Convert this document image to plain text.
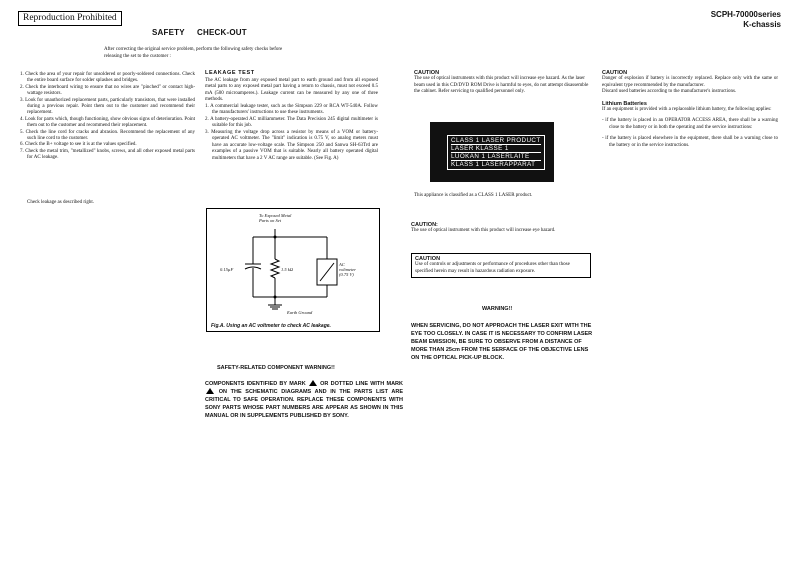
Reproduction Prohibited	SCPH-70000series
K-chassis
SAFETY CHECK-OUT
After correcting the original service problem, perform the following safety checks before releasing the set to the customer :
1. Check the area of your repair for unsoldered or poorly-soldered connections. Check the entire board surface for solder splashes and bridges.
2. Check the interboard wiring to ensure that no wires are "pinched" or contact high-wattage resistors.
3. Look for unauthorized replacement parts, particularly transistors, that were installed during a previous repair. Point them out to the customer and recommend their replacement.
4. Look for parts which, though functioning, show obvious signs of deterioration. Point them out to the customer and recommend their replacement.
5. Check the line cord for cracks and abrasion. Recommend the replacement of any such line cord to the customer.
6. Check the B+ voltage to see it is at the values specified.
7. Check the metal trim, "metallized" knobs, screws, and all other exposed metal parts for AC leakage.
Check leakage as described right.
LEAKAGE TEST

The AC leakage from any exposed metal part to earth ground and from all exposed metal parts to any exposed metal part having a return to chassis, must not exceed 0.5 mA (500 microamperes.). Leakage current can be measured by any one of three methods.

1. A commercial leakage tester, such as the Simpson 229 or RCA WT-540A. Follow the manufacturers' instructions to use these instruments.
2. A battery-operated AC milliammeter. The Data Precision 245 digital multimeter is suitable for this job.
3. Measuring the voltage drop across a resistor by means of a VOM or battery-operated AC voltmeter. The "limit" indication is 0.75 V, so analog meters must have an accurate low-voltage scale. The Simpson 250 and Sanwa SH-63Trd are examples of a passive VOM that is suitable. Nearly all battery operated digital multimeters that have a 2 V AC range are suitable. (See Fig. A)
To Exposed Metal
Parts on Set
0.15µF	1.5 kΩ
AC
voltmeter
(0.75 V)
Earth Ground
Fig.A. Using an AC voltmeter to check AC leakage.
SAFETY-RELATED COMPONENT WARNING!!
COMPONENTS IDENTIFIED BY MARK	OR DOTTED LINE WITH MARK  ON THE SCHEMATIC DIAGRAMS AND IN THE PARTS LIST ARE CRITICAL TO SAFE OPERATION. REPLACE THESE COMPONENTS WITH SONY PARTS WHOSE PART NUMBERS ARE APPEAR AS SHOWN IN THIS MANUAL OR IN SUPPLEMENTS PUBLISHED BY SONY.
CAUTION
The use of optical instruments with this product will increase eye hazard. As the laser beam used in this CD/DVD ROM Drive is harmful to eyes, do not attempt disassemble the cabinet. Refer servicing to qualified personnel only.
CLASS 1 LASER PRODUCT
LASER KLASSE 1
LUOKAN 1 LASERLAITE
KLASS 1 LASERAPPARAT
This appliance is classified as a CLASS 1 LASER product.
CAUTION:
The use of optical instrument with this product will increase eye hazard.
CAUTION
Use of controls or adjustments or performance of procedures other than those specified herein may result in hazardous radiation exposure.
WARNING!!
WHEN SERVICING, DO NOT APPROACH THE LASER EXIT WITH THE EYE TOO CLOSELY. IN CASE IT IS NECESSARY TO CONFIRM LASER BEAM EMISSION, BE SURE TO OBSERVE FROM A DISTANCE OF MORE THAN 25cm FROM THE SERFACE OF THE OBJECTIVE LENS ON THE OPTICAL PICK-UP BLOCK.
CAUTION

Danger of explosion if battery is incorrectly replaced. Replace only with the same or equivalent type recommended by the manufacturer.

Discard used batteries according to the manufacturer's instructions.

Lithium Batteries

If an equipment is provided with a replaceable lithium battery, the following applies:

- if the battery is placed in an OPERATOR ACCESS AREA, there shall be a warning close to the battery or in both the operating and the service instructions:
- if the battery is placed elsewhere in the equipment, there shall be a warning close to the battery or in the service instructions.
